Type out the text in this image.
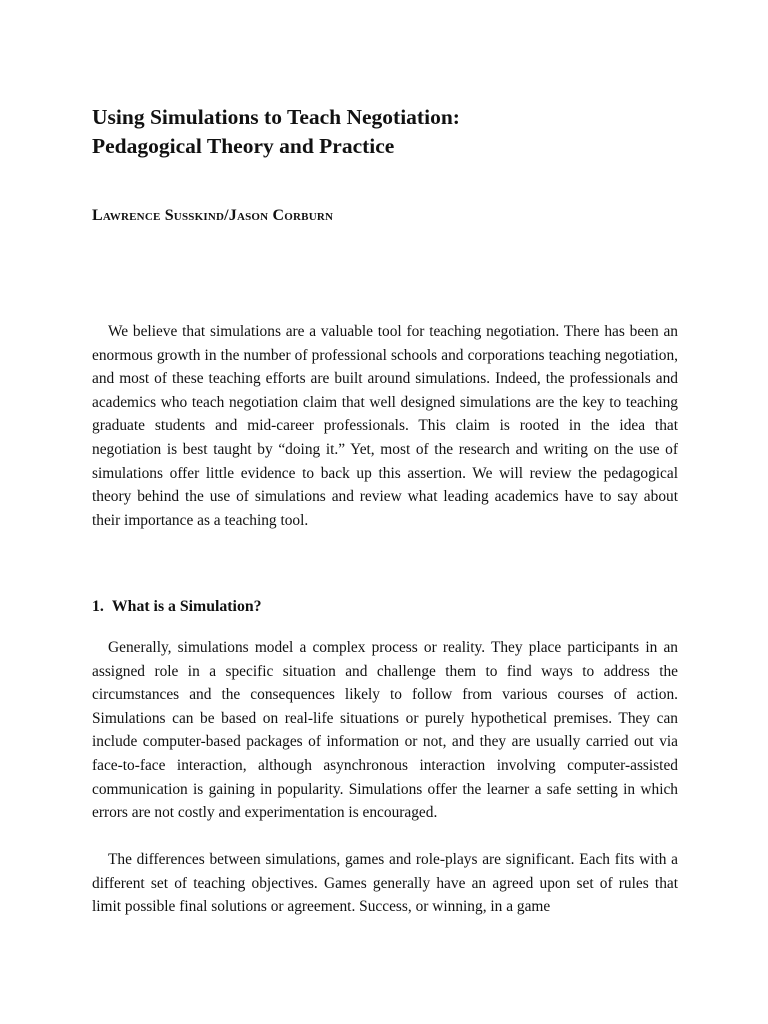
Using Simulations to Teach Negotiation:
Pedagogical Theory and Practice

Lawrence Susskind/Jason Corburn

We believe that simulations are a valuable tool for teaching negotiation. There has been an enormous growth in the number of professional schools and corporations teaching negotiation, and most of these teaching efforts are built around simulations. Indeed, the professionals and academics who teach negotiation claim that well designed simulations are the key to teaching graduate students and mid-career professionals. This claim is rooted in the idea that negotiation is best taught by “doing it.” Yet, most of the research and writing on the use of simulations offer little evidence to back up this assertion. We will review the pedagogical theory behind the use of simulations and review what leading academics have to say about their importance as a teaching tool.

1. What is a Simulation?

Generally, simulations model a complex process or reality. They place participants in an assigned role in a specific situation and challenge them to find ways to address the circumstances and the consequences likely to follow from various courses of action. Simulations can be based on real-life situations or purely hypothetical premises. They can include computer-based packages of information or not, and they are usually carried out via face-to-face interaction, although asynchronous interaction involving computer-assisted communication is gaining in popularity. Simulations offer the learner a safe setting in which errors are not costly and experimentation is encouraged.

The differences between simulations, games and role-plays are significant. Each fits with a different set of teaching objectives. Games generally have an agreed upon set of rules that limit possible final solutions or agreement. Success, or winning, in a game
